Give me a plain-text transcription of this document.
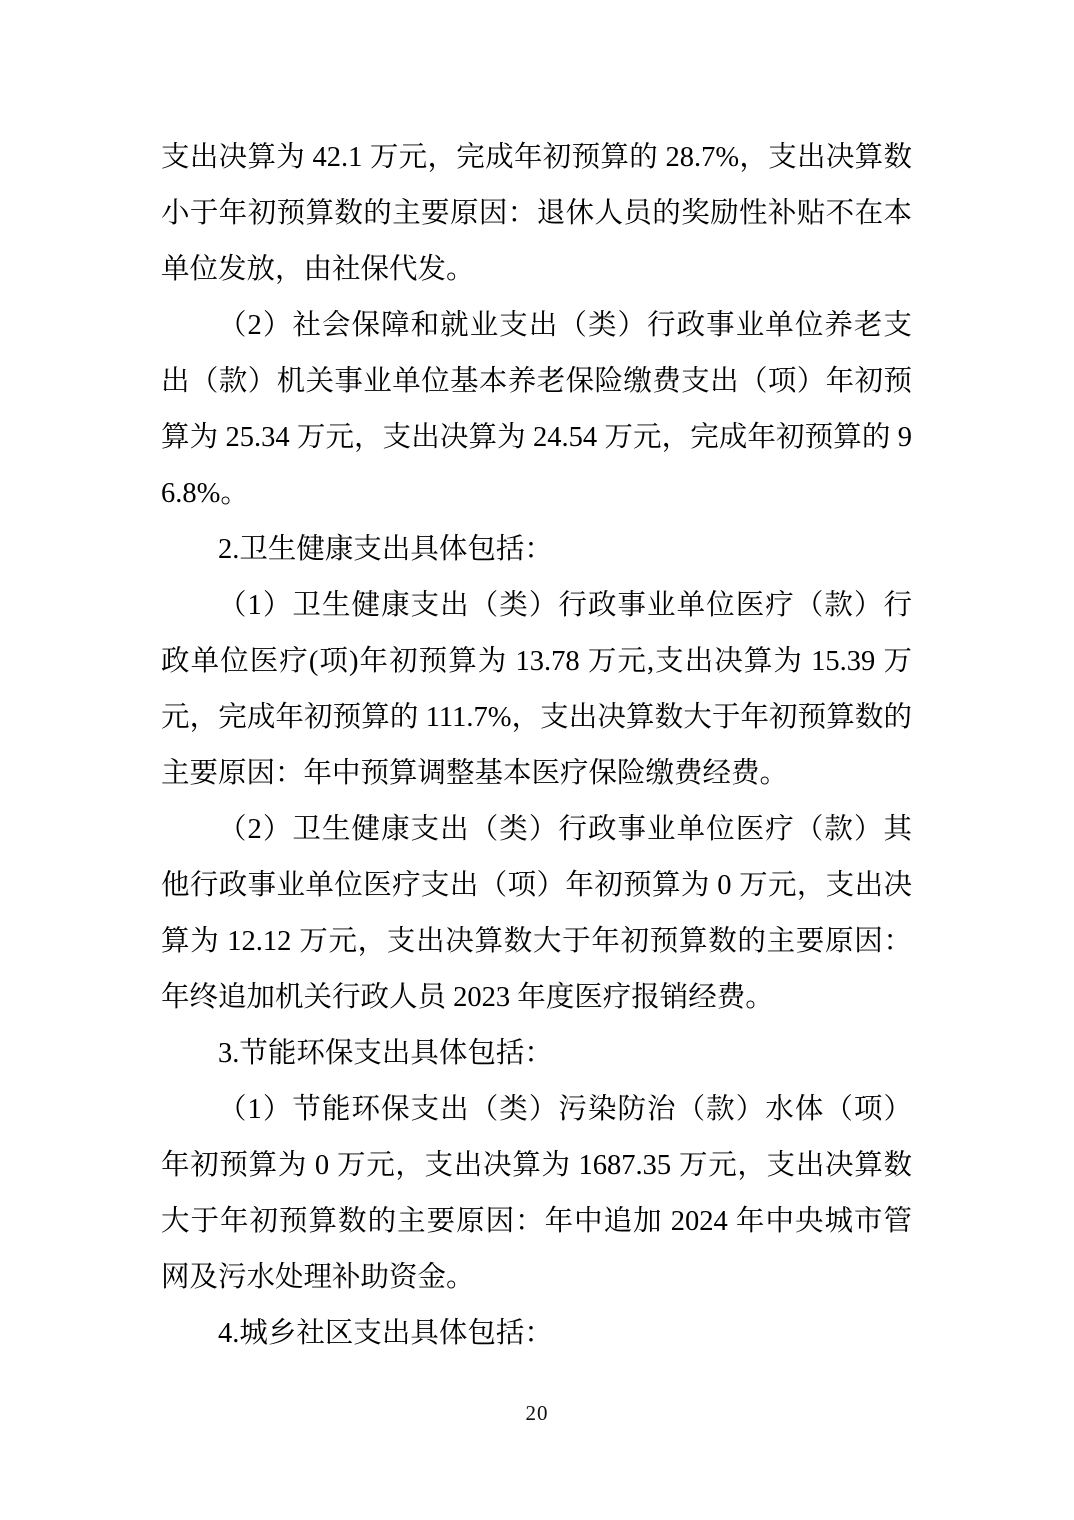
支出决算为 42.1 万元，完成年初预算的 28.7%，支出决算数小于年初预算数的主要原因：退休人员的奖励性补贴不在本单位发放，由社保代发。

（2）社会保障和就业支出（类）行政事业单位养老支出（款）机关事业单位基本养老保险缴费支出（项）年初预算为 25.34 万元，支出决算为 24.54 万元，完成年初预算的 96.8%。

2.卫生健康支出具体包括：

（1）卫生健康支出（类）行政事业单位医疗（款）行政单位医疗(项)年初预算为 13.78 万元,支出决算为 15.39 万元，完成年初预算的 111.7%，支出决算数大于年初预算数的主要原因：年中预算调整基本医疗保险缴费经费。

（2）卫生健康支出（类）行政事业单位医疗（款）其他行政事业单位医疗支出（项）年初预算为 0 万元，支出决算为 12.12 万元，支出决算数大于年初预算数的主要原因：年终追加机关行政人员 2023 年度医疗报销经费。

3.节能环保支出具体包括：

（1）节能环保支出（类）污染防治（款）水体（项）年初预算为 0 万元，支出决算为 1687.35 万元，支出决算数大于年初预算数的主要原因：年中追加 2024 年中央城市管网及污水处理补助资金。

4.城乡社区支出具体包括：

20
